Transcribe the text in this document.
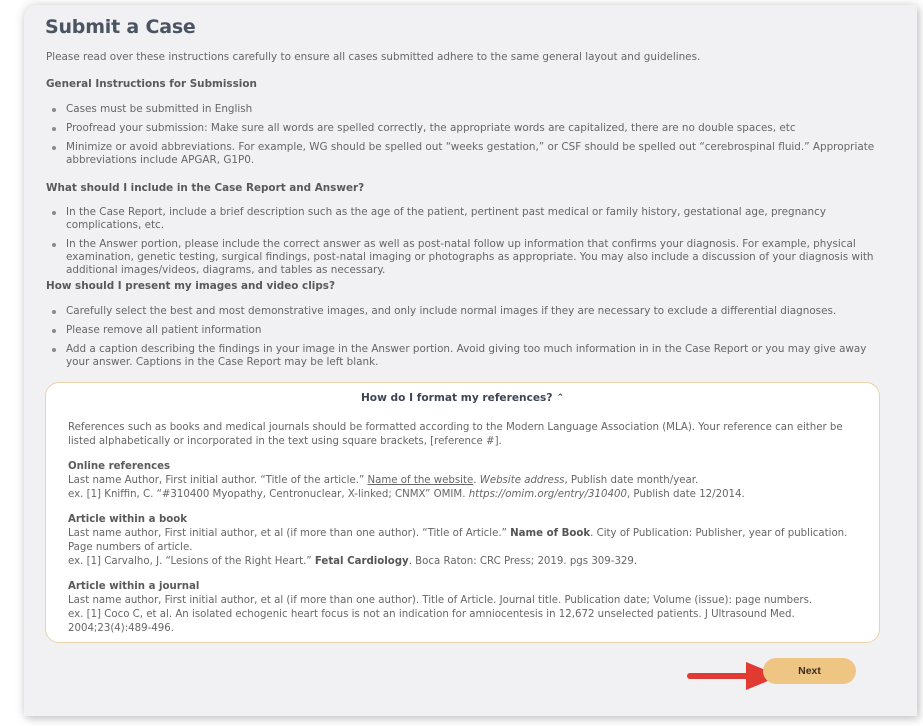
Submit a Case

Please read over these instructions carefully to ensure all cases submitted adhere to the same general layout and guidelines.

General Instructions for Submission
Cases must be submitted in English
Proofread your submission: Make sure all words are spelled correctly, the appropriate words are capitalized, there are no double spaces, etc
Minimize or avoid abbreviations. For example, WG should be spelled out “weeks gestation,” or CSF should be spelled out “cerebrospinal fluid.” Appropriate abbreviations include APGAR, G1P0.
What should I include in the Case Report and Answer?
In the Case Report, include a brief description such as the age of the patient, pertinent past medical or family history, gestational age, pregnancy complications, etc.
In the Answer portion, please include the correct answer as well as post-natal follow up information that confirms your diagnosis. For example, physical examination, genetic testing, surgical findings, post-natal imaging or photographs as appropriate. You may also include a discussion of your diagnosis with additional images/videos, diagrams, and tables as necessary.
How should I present my images and video clips?
Carefully select the best and most demonstrative images, and only include normal images if they are necessary to exclude a differential diagnoses.
Please remove all patient information
Add a caption describing the findings in your image in the Answer portion. Avoid giving too much information in in the Case Report or you may give away your answer. Captions in the Case Report may be left blank.
How do I format my references? ⌃

References such as books and medical journals should be formatted according to the Modern Language Association (MLA). Your reference can either be listed alphabetically or incorporated in the text using square brackets, [reference #].

Online references
Last name Author, First initial author. “Title of the article.” Name of the website. Website address, Publish date month/year.
ex. [1] Kniffin, C. “#310400 Myopathy, Centronuclear, X-linked; CNMX” OMIM. https://omim.org/entry/310400, Publish date 12/2014.
Article within a book
Last name author, First initial author, et al (if more than one author). “Title of Article.” Name of Book. City of Publication: Publisher, year of publication. Page numbers of article.
ex. [1] Carvalho, J. “Lesions of the Right Heart.” Fetal Cardiology. Boca Raton: CRC Press; 2019. pgs 309-329.
Article within a journal
Last name author, First initial author, et al (if more than one author). Title of Article. Journal title. Publication date; Volume (issue): page numbers.
ex. [1] Coco C, et al. An isolated echogenic heart focus is not an indication for amniocentesis in 12,672 unselected patients. J Ultrasound Med. 2004;23(4):489-496.
Next
